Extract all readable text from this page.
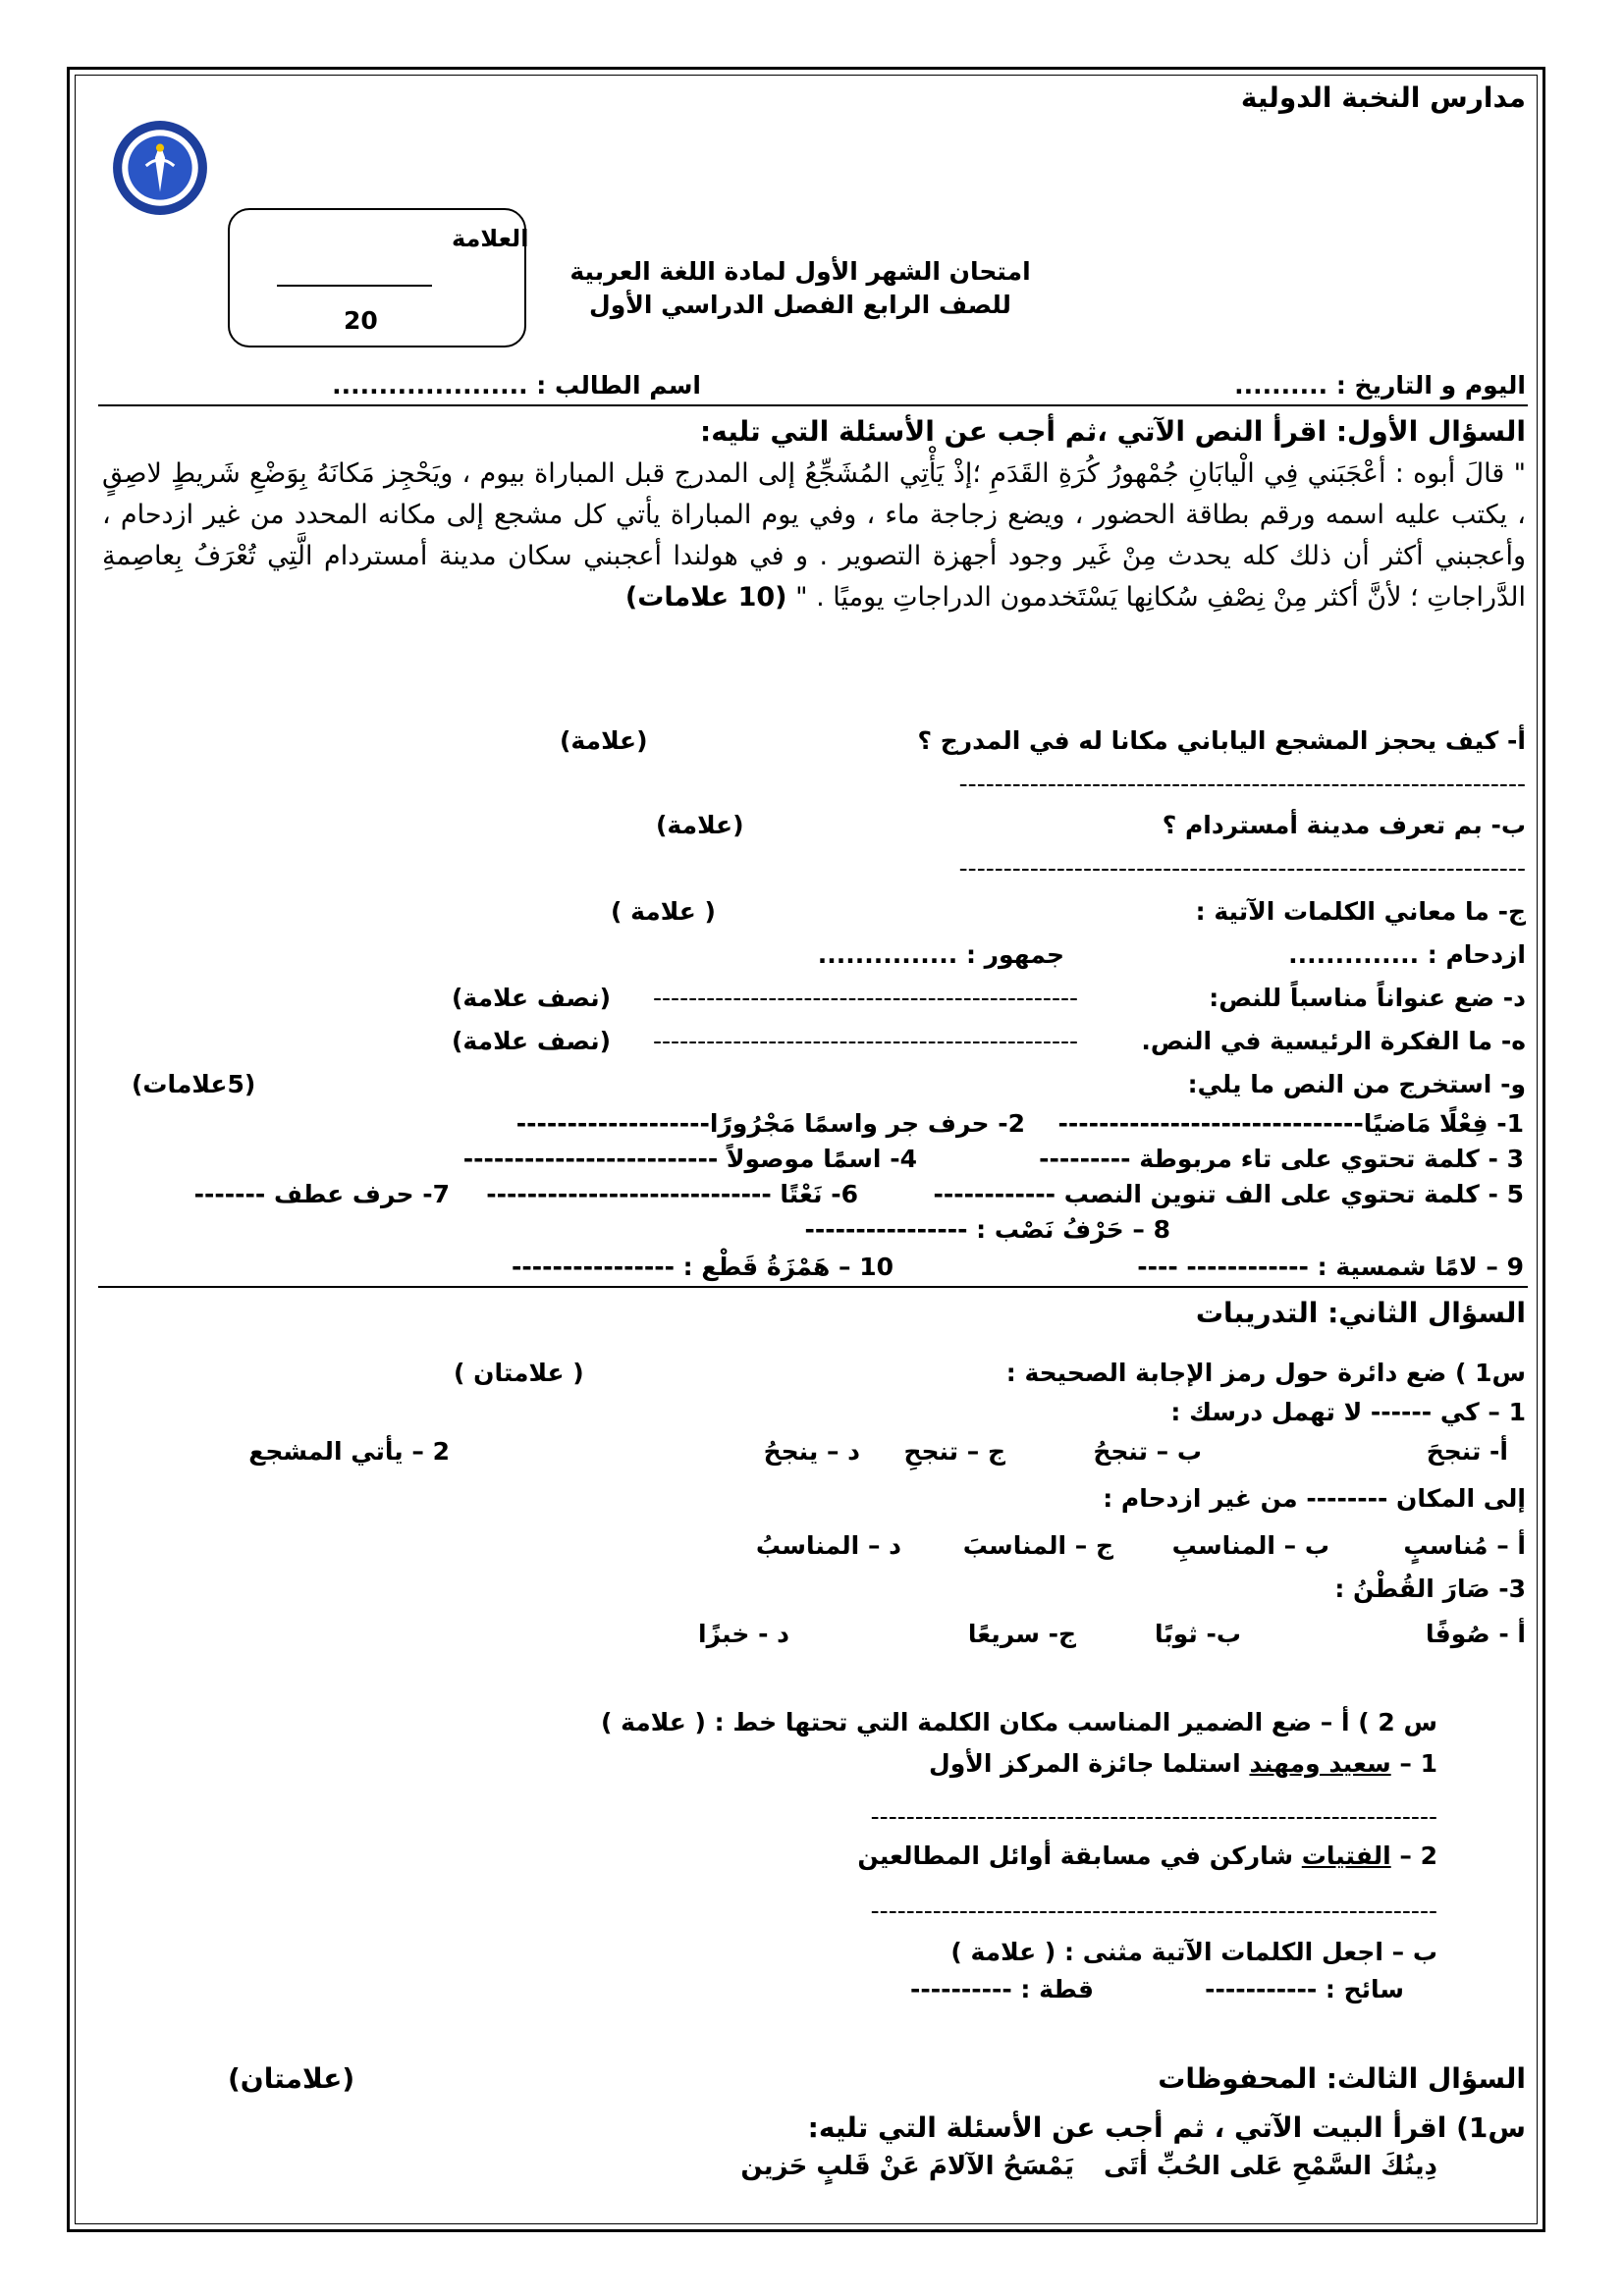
مدارس النخبة الدولية
العلامة
20
امتحان الشهر الأول لمادة اللغة العربية
للصف الرابع الفصل الدراسي الأول
اليوم و التاريخ : ..........
اسم الطالب : .....................
السؤال الأول: اقرأ النص الآتي ،ثم أجب عن الأسئلة التي تليه:
" قالَ أبوه : أعْجَبَني فِي الْيابَانِ جُمْهورُ كُرَةِ القَدَمِ ؛إذْ يَأْتِي المُشَجِّعُ إلى المدرج قبل المباراة بيوم ، ويَحْجِز مَكانَهُ بِوَضْعِ شَريطٍ لاصِقٍ ، يكتب عليه اسمه ورقم بطاقة الحضور ، ويضع زجاجة ماء ، وفي يوم المباراة يأتي كل مشجع إلى مكانه المحدد من غير ازدحام ، وأعجبني أكثر أن ذلك كله يحدث مِنْ غَير وجود أجهزة التصوير . و في هولندا أعجبني سكان مدينة أمستردام الَّتِي تُعْرَفُ بِعاصِمةِ الدَّراجاتِ ؛ لأنَّ أكثر مِنْ نِصْفِ سُكانِها يَسْتَخدمون الدراجاتِ يوميًا . " (10 علامات)
أ- كيف يحجز المشجع الياباني مكانا له في المدرج ؟
(علامة)
----------------------------------------------------------------
ب- بم تعرف مدينة أمستردام ؟
(علامة)
----------------------------------------------------------------
ج- ما معاني الكلمات الآتية :
( علامة )
ازدحام : ..............
جمهور : ...............
د- ضع عنواناً مناسباً للنص:
------------------------------------------------
(نصف علامة)
ه- ما الفكرة الرئيسية في النص.
------------------------------------------------
(نصف علامة)
و- استخرج من النص ما يلي:
(5علامات)
1- فِعْلًا مَاضيًا------------------------------
2- حرف جر واسمًا مَجْرُورًا-------------------
3 - كلمة تحتوي على تاء مربوطة ---------
4- اسمًا موصولاً -------------------------
5 - كلمة تحتوي على الف تنوين النصب ------------
6- نَعْتًا ----------------------------
7- حرف عطف -------
8 – حَرْفُ نَصْب : ----------------
9 – لامًا شمسية : ------------ ----
10 – هَمْزَةُ قَطْع : ----------------
السؤال الثاني: التدريبات
س1 ) ضع دائرة حول رمز الإجابة الصحيحة :
( علامتان )
1 – كي ------ لا تهمل درسك :
أ- تنجحَ
ب – تنجحُ
ج – تنجحِ
د – ينجحُ
2 – يأتي المشجع
إلى المكان -------- من غير ازدحام :
أ – مُناسبٍ
ب – المناسبِ
ج – المناسبَ
د – المناسبُ
3- صَارَ القُطْنُ :
أ - صُوفًا
ب- ثوبًا
ج- سريعًا
د - خبزًا
س 2 ) أ – ضع الضمير المناسب مكان الكلمة التي تحتها خط : ( علامة )
1 – سعيد ومهند استلما جائزة المركز الأول
----------------------------------------------------------------
2 – الفتيات شاركن في مسابقة أوائل المطالعين
----------------------------------------------------------------
ب – اجعل الكلمات الآتية مثنى : ( علامة )
سائح : -----------
قطة : ----------
السؤال الثالث: المحفوظات
(علامتان)
س1) اقرأ البيت الآتي ، ثم أجب عن الأسئلة التي تليه:
دِينُكَ السَّمْحِ عَلى الحُبِّ أتَى
يَمْسَحُ الآلامَ عَنْ قَلبٍ حَزين
